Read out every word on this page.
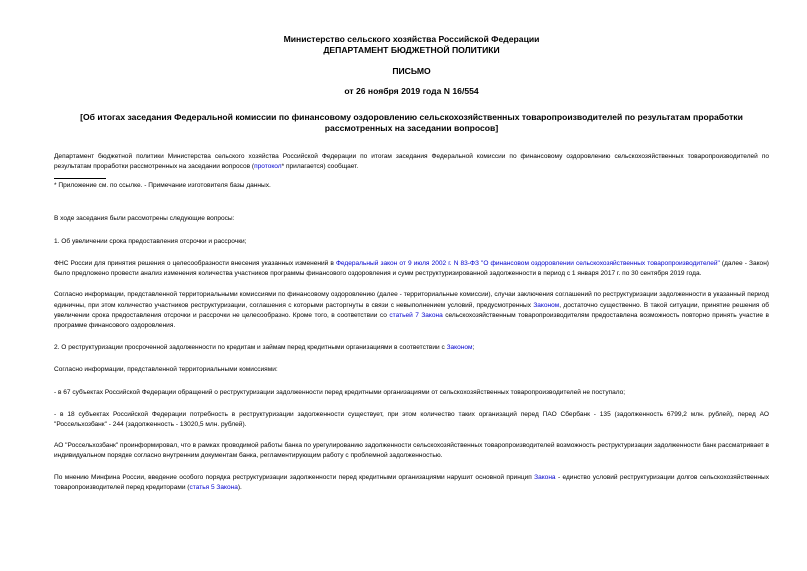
Министерство сельского хозяйства Российской Федерации

ДЕПАРТАМЕНТ БЮДЖЕТНОЙ ПОЛИТИКИ

ПИСЬМО

от 26 ноября 2019 года N 16/554

[Об итогах заседания Федеральной комиссии по финансовому оздоровлению сельскохозяйственных товаропроизводителей по результатам проработки рассмотренных на заседании вопросов]

Департамент бюджетной политики Министерства сельского хозяйства Российской Федерации по итогам заседания Федеральной комиссии по финансовому оздоровлению сельскохозяйственных товаропроизводителей по результатам проработки рассмотренных на заседании вопросов (протокол* прилагается) сообщает.

* Приложение см. по ссылке. - Примечание изготовителя базы данных.

В ходе заседания были рассмотрены следующие вопросы:

1. Об увеличении срока предоставления отсрочки и рассрочки;

ФНС России для принятия решения о целесообразности внесения указанных изменений в Федеральный закон от 9 июля 2002 г. N 83-ФЗ "О финансовом оздоровлении сельскохозяйственных товаропроизводителей" (далее - Закон) было предложено провести анализ изменения количества участников программы финансового оздоровления и сумм реструктуризированной задолженности в период с 1 января 2017 г. по 30 сентября 2019 года.

Согласно информации, представленной территориальными комиссиями по финансовому оздоровлению (далее - территориальные комиссии), случаи заключения соглашений по реструктуризации задолженности в указанный период единичны, при этом количество участников реструктуризации, соглашения с которыми расторгнуты в связи с невыполнением условий, предусмотренных Законом, достаточно существенно. В такой ситуации, принятие решения об увеличении срока предоставления отсрочки и рассрочки не целесообразно. Кроме того, в соответствии со статьей 7 Закона сельскохозяйственным товаропроизводителям предоставлена возможность повторно принять участие в программе финансового оздоровления.

2. О реструктуризации просроченной задолженности по кредитам и займам перед кредитными организациями в соответствии с Законом;

Согласно информации, представленной территориальными комиссиями:

- в 67 субъектах Российской Федерации обращений о реструктуризации задолженности перед кредитными организациями от сельскохозяйственных товаропроизводителей не поступало;

- в 18 субъектах Российской Федерации потребность в реструктуризации задолженности существует, при этом количество таких организаций перед ПАО Сбербанк - 135 (задолженность 6799,2 млн. рублей), перед АО "Россельхозбанк" - 244 (задолженность - 13020,5 млн. рублей).

АО "Россельхозбанк" проинформировал, что в рамках проводимой работы банка по урегулированию задолженности сельскохозяйственных товаропроизводителей возможность реструктуризации задолженности банк рассматривает в индивидуальном порядке согласно внутренним документам банка, регламентирующим работу с проблемной задолженностью.

По мнению Минфина России, введение особого порядка реструктуризации задолженности перед кредитными организациями нарушит основной принцип Закона - единство условий реструктуризации долгов сельскохозяйственных товаропроизводителей перед кредиторами (статья 5 Закона).
